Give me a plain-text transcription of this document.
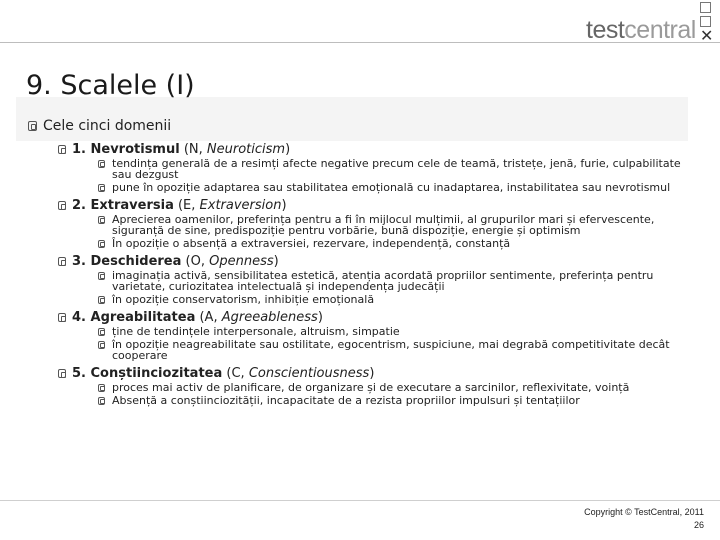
testcentral ✕
9. Scalele (I)
Cele cinci domenii
1. Nevrotismul (N, Neuroticism)
tendința generală de a resimți afecte negative precum cele de teamă, tristețe, jenă, furie, culpabilitate sau dezgust
pune în opoziție adaptarea sau stabilitatea emoțională cu inadaptarea, instabilitatea sau nevrotismul
2. Extraversia (E, Extraversion)
Aprecierea oamenilor, preferința pentru a fi în mijlocul mulțimii, al grupurilor mari și efervescente, siguranță de sine, predispoziție pentru vorbărie, bună dispoziție, energie și optimism
În opoziție o absență a extraversiei, rezervare, independență, constanță
3. Deschiderea (O, Openness)
imaginația activă, sensibilitatea estetică, atenția acordată propriilor sentimente, preferința pentru varietate, curiozitatea intelectuală și independența judecății
în opoziție conservatorism, inhibiție emoțională
4. Agreabilitatea (A, Agreeableness)
ține de tendințele interpersonale, altruism, simpatie
în opoziție neagreabilitate sau ostilitate, egocentrism, suspiciune, mai degrabă competitivitate decât cooperare
5. Conștiinciozitatea (C, Conscientiousness)
proces mai activ de planificare, de organizare și de executare a sarcinilor, reflexivitate, voință
Absență a conștiinciozității, incapacitate de a rezista propriilor impulsuri și tentațiilor
Copyright © TestCentral, 2011
26
